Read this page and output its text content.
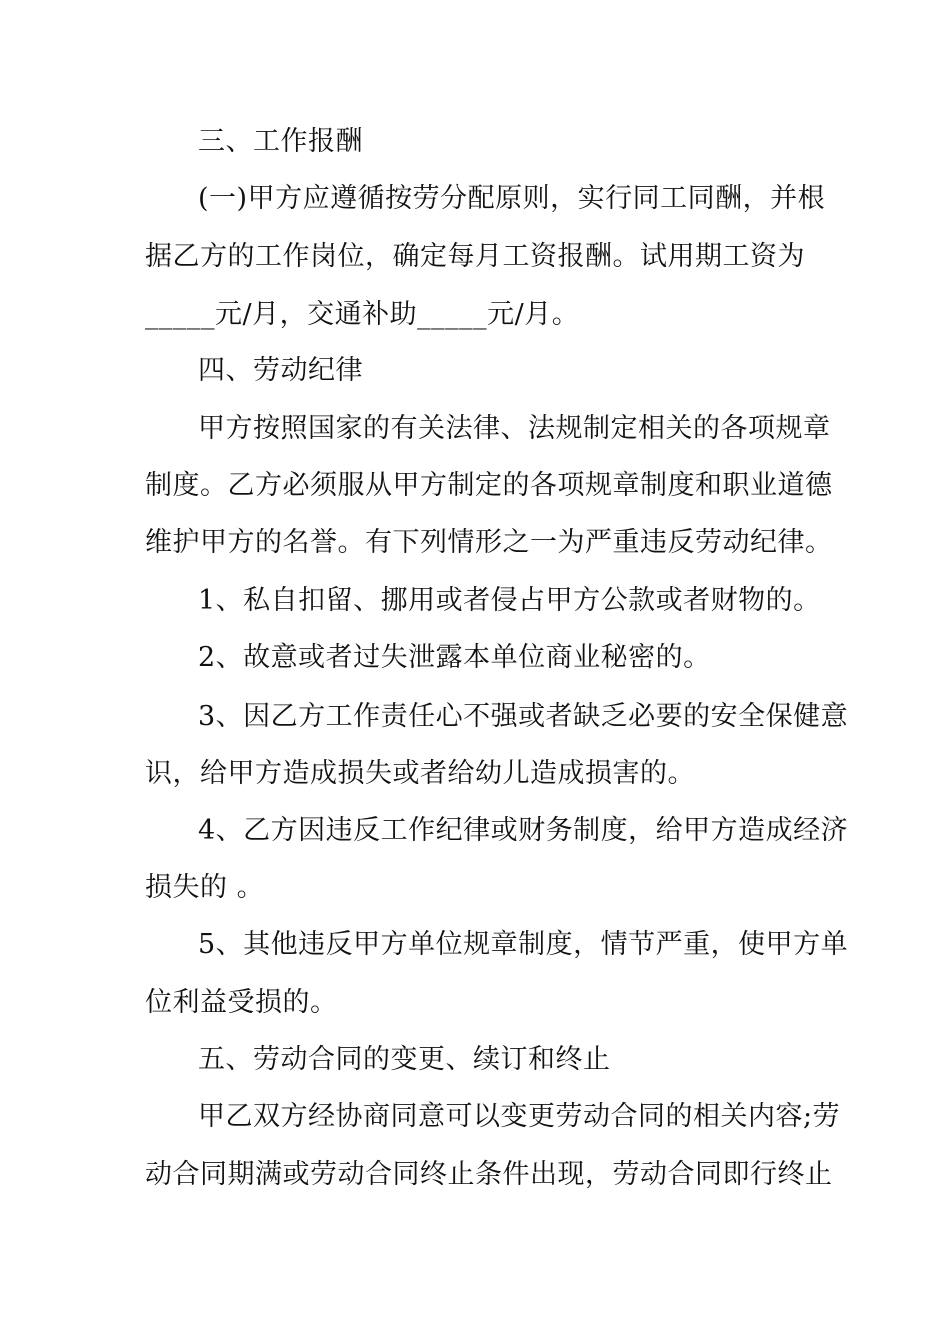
三、工作报酬
(一)甲方应遵循按劳分配原则，实行同工同酬，并根
据乙方的工作岗位，确定每月工资报酬。试用期工资为
_____元/月，交通补助_____元/月。
四、劳动纪律
甲方按照国家的有关法律、法规制定相关的各项规章
制度。乙方必须服从甲方制定的各项规章制度和职业道德
维护甲方的名誉。有下列情形之一为严重违反劳动纪律。
1、私自扣留、挪用或者侵占甲方公款或者财物的。
2、故意或者过失泄露本单位商业秘密的。
3、因乙方工作责任心不强或者缺乏必要的安全保健意
识，给甲方造成损失或者给幼儿造成损害的。
4、乙方因违反工作纪律或财务制度，给甲方造成经济
损失的 。
5、其他违反甲方单位规章制度，情节严重，使甲方单
位利益受损的。
五、劳动合同的变更、续订和终止
甲乙双方经协商同意可以变更劳动合同的相关内容;劳
动合同期满或劳动合同终止条件出现，劳动合同即行终止
